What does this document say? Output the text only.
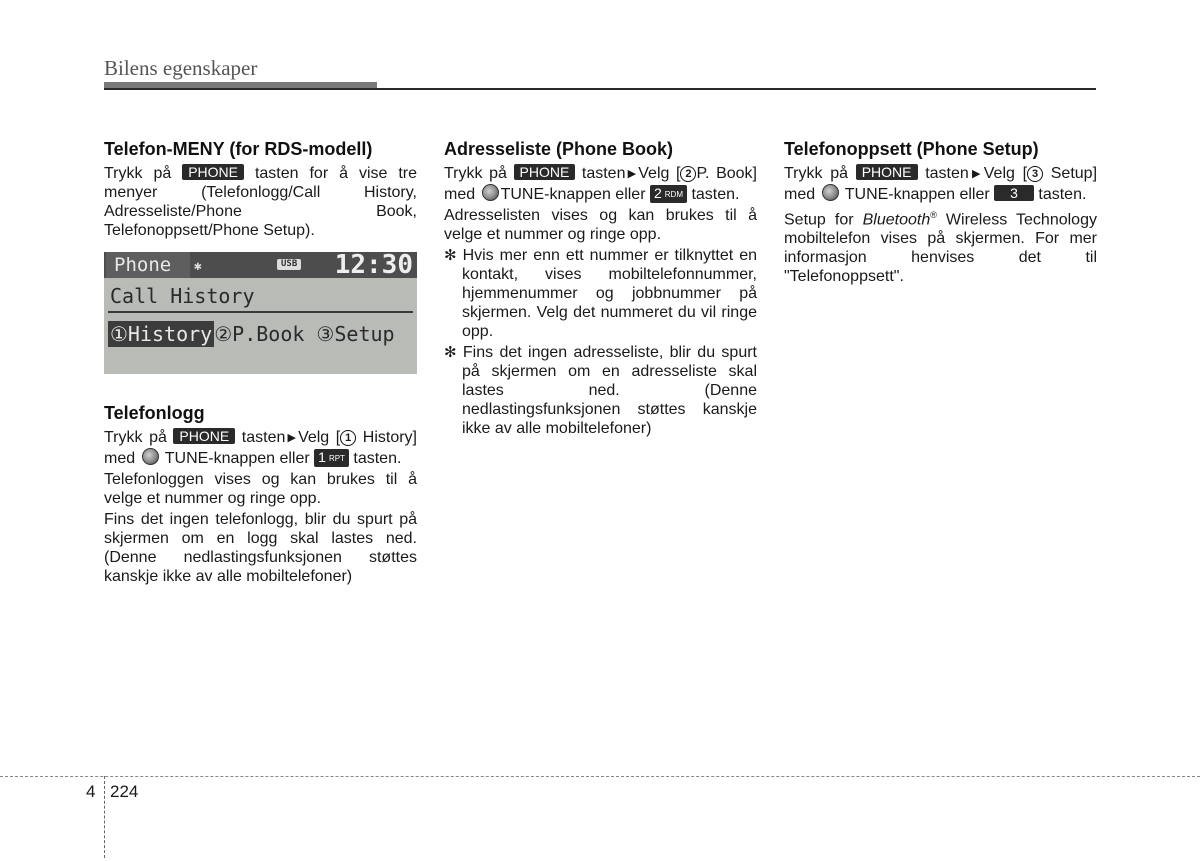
Bilens egenskaper
Telefon-MENY (for RDS-modell)

Trykk på PHONE tasten for å vise tre menyer (Telefonlogg/Call History, Adresseliste/Phone Book, Telefonoppsett/Phone Setup).

Phone	✱	USB 12:30
Call History
①History ②P.Book ③Setup
Telefonlogg

Trykk på PHONE tasten▶Velg [ 1 History] med TUNE-knappen eller 1 RPT tasten.

Telefonloggen vises og kan brukes til å velge et nummer og ringe opp.

Fins det ingen telefonlogg, blir du spurt på skjermen om en logg skal lastes ned. (Denne nedlastingsfunksjonen støttes kanskje ikke av alle mobiltelefoner)

Adresseliste (Phone Book)

Trykk på PHONE tasten▶Velg [ 2 P. Book] med TUNE-knappen eller 2 RDM tasten.

Adresselisten vises og kan brukes til å velge et nummer og ringe opp.

✻ Hvis mer enn ett nummer er tilknyttet en kontakt, vises mobiltelefonnummer, hjemmenummer og jobbnummer på skjermen. Velg det nummeret du vil ringe opp.

✻ Fins det ingen adresseliste, blir du spurt på skjermen om en adresseliste skal lastes ned. (Denne nedlastingsfunksjonen støttes kanskje ikke av alle mobiltelefoner)

Telefonoppsett (Phone Setup)

Trykk på PHONE tasten▶Velg [ 3 Setup] med TUNE-knappen eller 3 tasten.

Setup for Bluetooth® Wireless Technology mobiltelefon vises på skjermen. For mer informasjon henvises det til "Telefonoppsett".

4 224
